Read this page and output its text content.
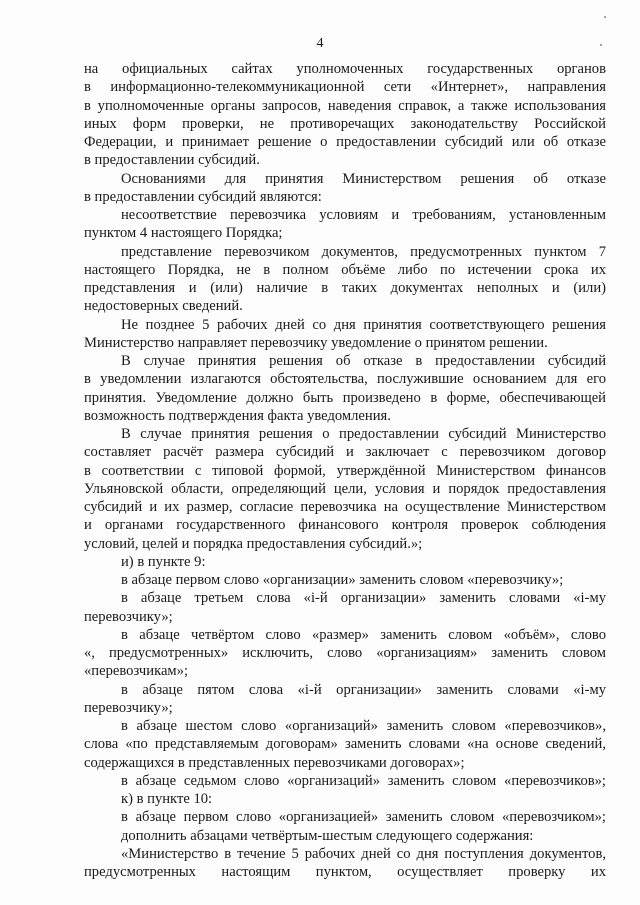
4

на официальных сайтах уполномоченных государственных органов

в информационно-телекоммуникационной сети «Интернет», направления

в уполномоченные органы запросов, наведения справок, а также использования

иных форм проверки, не противоречащих законодательству Российской

Федерации, и принимает решение о предоставлении субсидий или об отказе

в предоставлении субсидий.

Основаниями для принятия Министерством решения об отказе

в предоставлении субсидий являются:

несоответствие перевозчика условиям и требованиям, установленным

пунктом 4 настоящего Порядка;

представление перевозчиком документов, предусмотренных пунктом 7

настоящего Порядка, не в полном объёме либо по истечении срока их

представления и (или) наличие в таких документах неполных и (или)

недостоверных сведений.

Не позднее 5 рабочих дней со дня принятия соответствующего решения

Министерство направляет перевозчику уведомление о принятом решении.

В случае принятия решения об отказе в предоставлении субсидий

в уведомлении излагаются обстоятельства, послужившие основанием для его

принятия. Уведомление должно быть произведено в форме, обеспечивающей

возможность подтверждения факта уведомления.

В случае принятия решения о предоставлении субсидий Министерство

составляет расчёт размера субсидий и заключает с перевозчиком договор

в соответствии с типовой формой, утверждённой Министерством финансов

Ульяновской области, определяющий цели, условия и порядок предоставления

субсидий и их размер, согласие перевозчика на осуществление Министерством

и органами государственного финансового контроля проверок соблюдения

условий, целей и порядка предоставления субсидий.»;

и) в пункте 9:

в абзаце первом слово «организации» заменить словом «перевозчику»;

в абзаце третьем слова «i-й организации» заменить словами «i-му

перевозчику»;

в абзаце четвёртом слово «размер» заменить словом «объём», слово

«, предусмотренных» исключить, слово «организациям» заменить словом

«перевозчикам»;

в абзаце пятом слова «i-й организации» заменить словами «i-му

перевозчику»;

в абзаце шестом слово «организаций» заменить словом «перевозчиков»,

слова «по представляемым договорам» заменить словами «на основе сведений,

содержащихся в представленных перевозчиками договорах»;

в абзаце седьмом слово «организаций» заменить словом «перевозчиков»;

к) в пункте 10:

в абзаце первом слово «организацией» заменить словом «перевозчиком»;

дополнить абзацами четвёртым-шестым следующего содержания:

«Министерство в течение 5 рабочих дней со дня поступления документов,

предусмотренных настоящим пунктом, осуществляет проверку их
